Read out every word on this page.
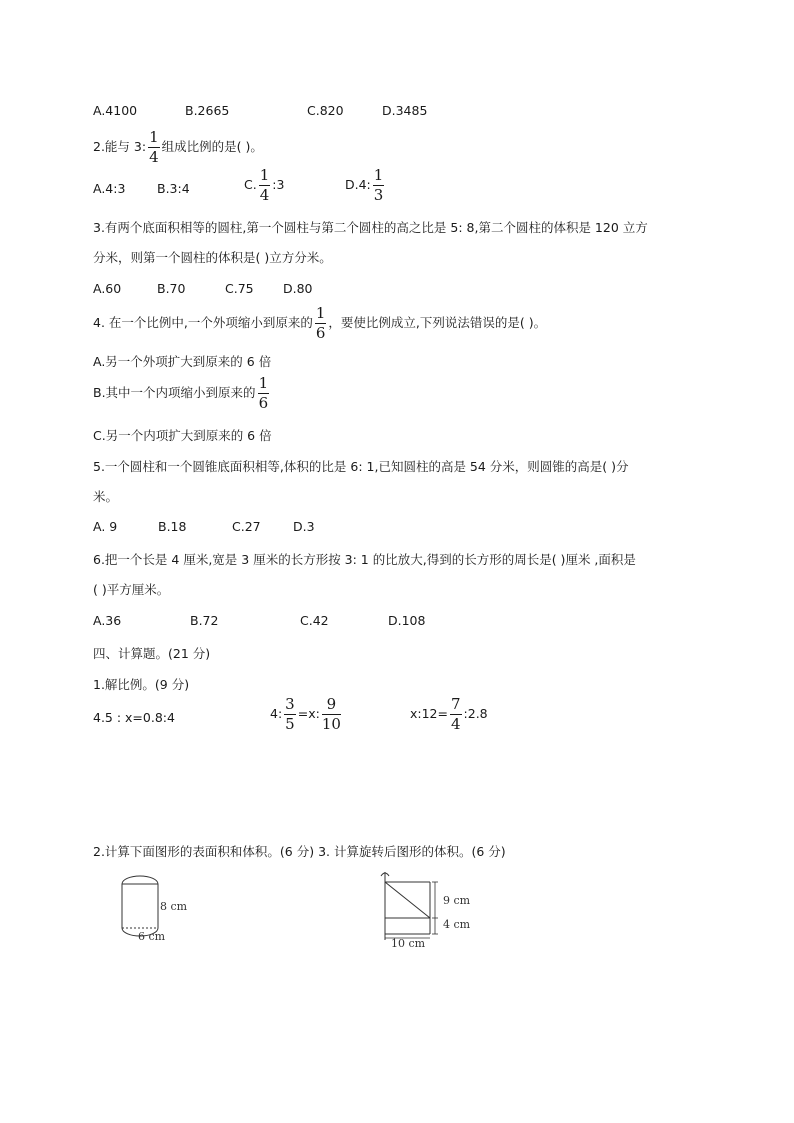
A.4100	B.2665	C.820	D.3485
2.能与 3: $\frac{1}{4}$ 组成比例的是( )。
A.4:3	B.3:4	C. $\frac{1}{4}$ :3	D.4: $\frac{1}{3}$
3.有两个底面积相等的圆柱,第一个圆柱与第二个圆柱的高之比是 5: 8,第二个圆柱的体积是 120 立方
分米，则第一个圆柱的体积是( )立方分米。
A.60	B.70	C.75 D.80
4. 在一个比例中,一个外项缩小到原来的 $\frac{1}{6}$ ，要使比例成立,下列说法错误的是( )。
A.另一个外项扩大到原来的 6 倍
B.其中一个内项缩小到原来的 $\frac{1}{6}$
C.另一个内项扩大到原来的 6 倍
5.一个圆柱和一个圆锥底面积相等,体积的比是 6: 1,已知圆柱的高是 54 分米，则圆锥的高是( )分
米。
A. 9	B.18	C.27	D.3
6.把一个长是 4 厘米,宽是 3 厘米的长方形按 3: 1 的比放大,得到的长方形的周长是( )厘米 ,面积是
( )平方厘米。
A.36	B.72	C.42	D.108
四、计算题。(21 分)
1.解比例。(9 分)
4.5 : x=0.8:4	4: $\frac{3}{5} =x$: $\frac{9}{10}$	x:12= $\frac{7}{4}$ :2.8
2.计算下面图形的表面积和体积。(6 分) 3. 计算旋转后图形的体积。(6 分)
8 cm
6 cm
9 cm
4 cm
10 cm
